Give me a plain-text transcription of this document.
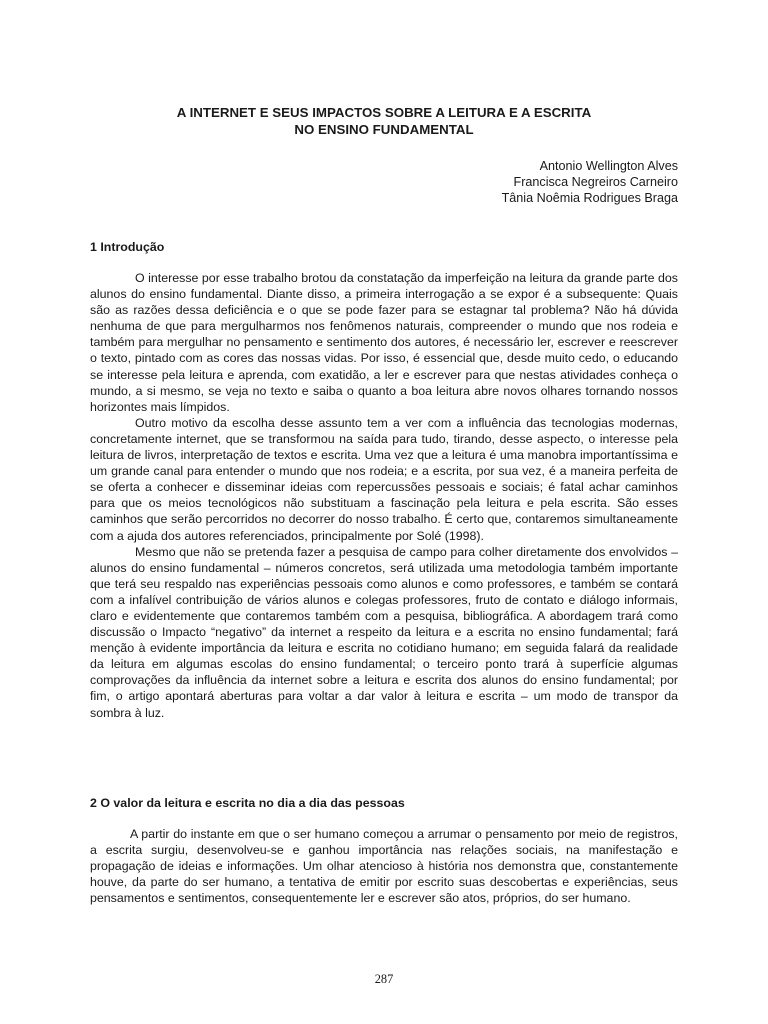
A INTERNET E SEUS IMPACTOS SOBRE A LEITURA E A ESCRITA
NO ENSINO FUNDAMENTAL
Antonio Wellington Alves
Francisca Negreiros Carneiro
Tânia Noêmia Rodrigues Braga
1 Introdução

O interesse por esse trabalho brotou da constatação da imperfeição na leitura da grande parte dos alunos do ensino fundamental. Diante disso, a primeira interrogação a se expor é a subsequente: Quais são as razões dessa deficiência e o que se pode fazer para se estagnar tal problema? Não há dúvida nenhuma de que para mergulharmos nos fenômenos naturais, compreender o mundo que nos rodeia e também para mergulhar no pensamento e sentimento dos autores, é necessário ler, escrever e reescrever o texto, pintado com as cores das nossas vidas. Por isso, é essencial que, desde muito cedo, o educando se interesse pela leitura e aprenda, com exatidão, a ler e escrever para que nestas atividades conheça o mundo, a si mesmo, se veja no texto e saiba o quanto a boa leitura abre novos olhares tornando nossos horizontes mais límpidos.

Outro motivo da escolha desse assunto tem a ver com a influência das tecnologias modernas, concretamente internet, que se transformou na saída para tudo, tirando, desse aspecto, o interesse pela leitura de livros, interpretação de textos e escrita. Uma vez que a leitura é uma manobra importantíssima e um grande canal para entender o mundo que nos rodeia; e a escrita, por sua vez, é a maneira perfeita de se oferta a conhecer e disseminar ideias com repercussões pessoais e sociais; é fatal achar caminhos para que os meios tecnológicos não substituam a fascinação pela leitura e pela escrita. São esses caminhos que serão percorridos no decorrer do nosso trabalho. É certo que, contaremos simultaneamente com a ajuda dos autores referenciados, principalmente por Solé (1998).

Mesmo que não se pretenda fazer a pesquisa de campo para colher diretamente dos envolvidos – alunos do ensino fundamental – números concretos, será utilizada uma metodologia também importante que terá seu respaldo nas experiências pessoais como alunos e como professores, e também se contará com a infalível contribuição de vários alunos e colegas professores, fruto de contato e diálogo informais, claro e evidentemente que contaremos também com a pesquisa, bibliográfica. A abordagem trará como discussão o Impacto “negativo” da internet a respeito da leitura e a escrita no ensino fundamental; fará menção à evidente importância da leitura e escrita no cotidiano humano; em seguida falará da realidade da leitura em algumas escolas do ensino fundamental; o terceiro ponto trará à superfície algumas comprovações da influência da internet sobre a leitura e escrita dos alunos do ensino fundamental; por fim, o artigo apontará aberturas para voltar a dar valor à leitura e escrita – um modo de transpor da sombra à luz.

2 O valor da leitura e escrita no dia a dia das pessoas

A partir do instante em que o ser humano começou a arrumar o pensamento por meio de registros, a escrita surgiu, desenvolveu-se e ganhou importância nas relações sociais, na manifestação e propagação de ideias e informações. Um olhar atencioso à história nos demonstra que, constantemente houve, da parte do ser humano, a tentativa de emitir por escrito suas descobertas e experiências, seus pensamentos e sentimentos, consequentemente ler e escrever são atos, próprios, do ser humano.

287
